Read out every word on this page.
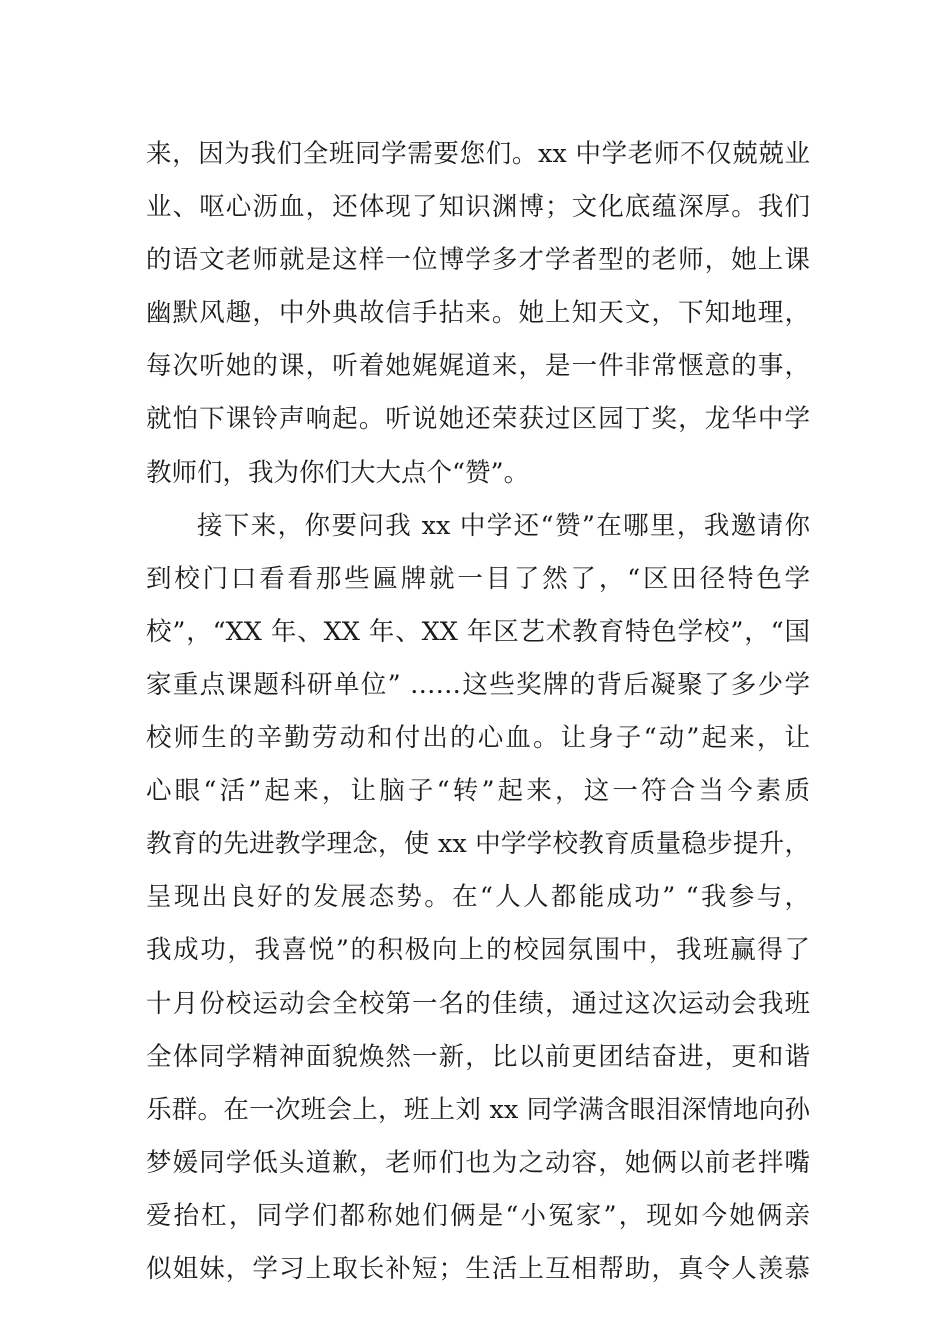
来，因为我们全班同学需要您们。xx 中学老师不仅兢兢业
业、呕心沥血，还体现了知识渊博；文化底蕴深厚。我们
的语文老师就是这样一位博学多才学者型的老师，她上课
幽默风趣，中外典故信手拈来。她上知天文，下知地理，
每次听她的课，听着她娓娓道来，是一件非常惬意的事，
就怕下课铃声响起。听说她还荣获过区园丁奖，龙华中学
教师们，我为你们大大点个“赞”。
接下来，你要问我 xx 中学还“赞”在哪里，我邀请你
到校门口看看那些匾牌就一目了然了，“区田径特色学
校”，“XX 年、XX 年、XX 年区艺术教育特色学校”，“国
家重点课题科研单位” ……这些奖牌的背后凝聚了多少学
校师生的辛勤劳动和付出的心血。让身子“动”起来，让
心眼“活”起来，让脑子“转”起来，这一符合当今素质
教育的先进教学理念，使 xx 中学学校教育质量稳步提升，
呈现出良好的发展态势。在“人人都能成功” “我参与，
我成功，我喜悦”的积极向上的校园氛围中，我班赢得了
十月份校运动会全校第一名的佳绩，通过这次运动会我班
全体同学精神面貌焕然一新，比以前更团结奋进，更和谐
乐群。在一次班会上，班上刘 xx 同学满含眼泪深情地向孙
梦媛同学低头道歉，老师们也为之动容，她俩以前老拌嘴
爱抬杠，同学们都称她们俩是“小冤家”，现如今她俩亲
似姐妹，学习上取长补短；生活上互相帮助，真令人羡慕
